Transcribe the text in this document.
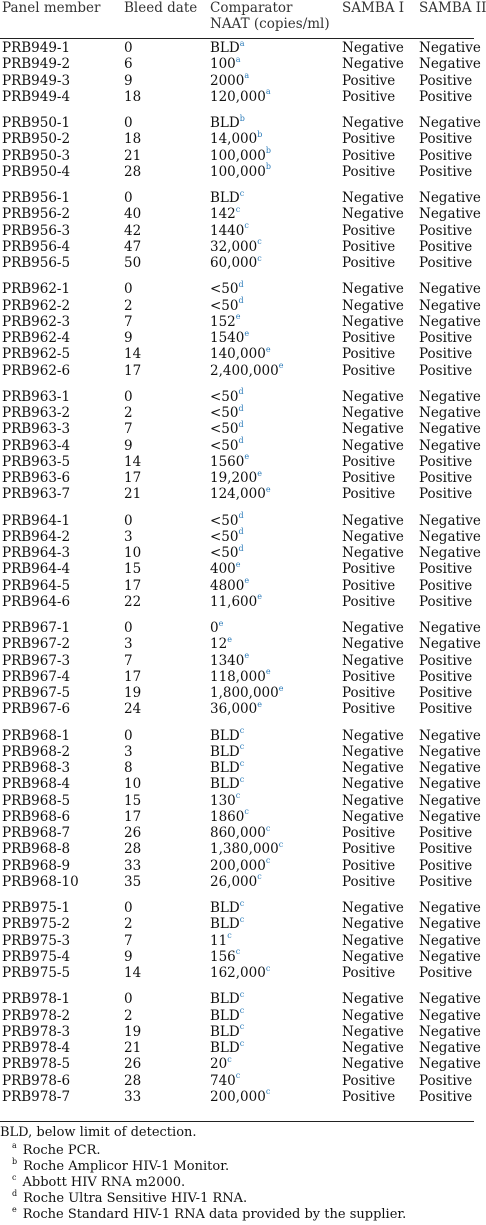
Panel member Bleed date Comparator
NAAT (copies/ml)
SAMBA I SAMBA II
PRB949-1	0	BLD$^a$	Negative Negative
PRB949-2	6	100$^a$	Negative Negative
PRB949-3	9	2000$^a$	Positive Positive
PRB949-4	18	120,000$^a$	Positive Positive
PRB950-1	0	BLD$^b$	Negative Negative
PRB950-2	18	14,000$^b$	Positive Positive
PRB950-3	21	100,000$^b$	Positive Positive
PRB950-4	28	100,000$^b$	Positive Positive
PRB956-1	0	BLD$^c$	Negative Negative
PRB956-2	40	142$^c$	Negative Negative
PRB956-3	42	1440$^c$	Positive Positive
PRB956-4	47	32,000$^c$	Positive Positive
PRB956-5	50	60,000$^c$	Positive Positive
PRB962-1	0	$<50^d$	Negative Negative
PRB962-2	2	$<50^d$	Negative Negative
PRB962-3	7	152e	Negative Negative
PRB962-4	9	1540e	Positive Positive
PRB962-5	14	140,000e	Positive Positive
PRB962-6	17	2,400,000e	Positive Positive
PRB963-1	0	$<50^d$	Negative Negative
PRB963-2	2	$<50^d$	Negative Negative
PRB963-3	7	$<50^d$	Negative Negative
PRB963-4	9	$<50^d$	Negative Negative
PRB963-5	14	1560e	Positive Positive
PRB963-6	17	19,200e	Positive Positive
PRB963-7	21	124,000e	Positive Positive
PRB964-1	0	$<50^d$	Negative Negative
PRB964-2	3	$<50^d$	Negative Negative
PRB964-3	10	$<50^d$	Negative Negative
PRB964-4	15	400e	Positive Positive
PRB964-5	17	4800e	Positive Positive
PRB964-6	22	11,600e	Positive Positive
PRB967-1	0	0e	Negative Negative
PRB967-2	3	12e	Negative Negative
PRB967-3	7	1340e	Negative Positive
PRB967-4	17	118,000e	Positive Positive
PRB967-5	19	1,800,000e	Positive Positive
PRB967-6	24	36,000e	Positive Positive
PRB968-1	0	BLD$^c$	Negative Negative
PRB968-2	3	BLD$^c$	Negative Negative
PRB968-3	8	BLD$^c$	Negative Negative
PRB968-4	10	BLD$^c$	Negative Negative
PRB968-5	15	130$^c$	Negative Negative
PRB968-6	17	1860$^c$	Negative Negative
PRB968-7	26	860,000$^c$	Positive Positive
PRB968-8	28	1,380,000$^c$	Positive Positive
PRB968-9	33	200,000$^c$	Positive Positive
PRB968-10	35	26,000$^c$	Positive Positive
PRB975-1	0	BLD$^c$	Negative Negative
PRB975-2	2	BLD$^c$	Negative Negative
PRB975-3	7	11$^c$	Negative Negative
PRB975-4	9	156$^c$	Negative Negative
PRB975-5	14	162,000$^c$	Positive Positive
PRB978-1	0	BLD$^c$	Negative Negative
PRB978-2	2	BLD$^c$	Negative Negative
PRB978-3	19	BLD$^c$	Negative Negative
PRB978-4	21	BLD$^c$	Negative Negative
PRB978-5	26	20$^c$	Negative Negative
PRB978-6	28	740$^c$	Positive Positive
PRB978-7	33	200,000$^c$	Positive Positive
BLD, below limit of detection.
$^a$ Roche PCR.
$^b$ Roche Amplicor HIV-1 Monitor.
$^c$ Abbott HIV RNA m2000.
$^d$ Roche Ultra Sensitive HIV-1 RNA.
$^e$ Roche Standard HIV-1 RNA data provided by the supplier.
